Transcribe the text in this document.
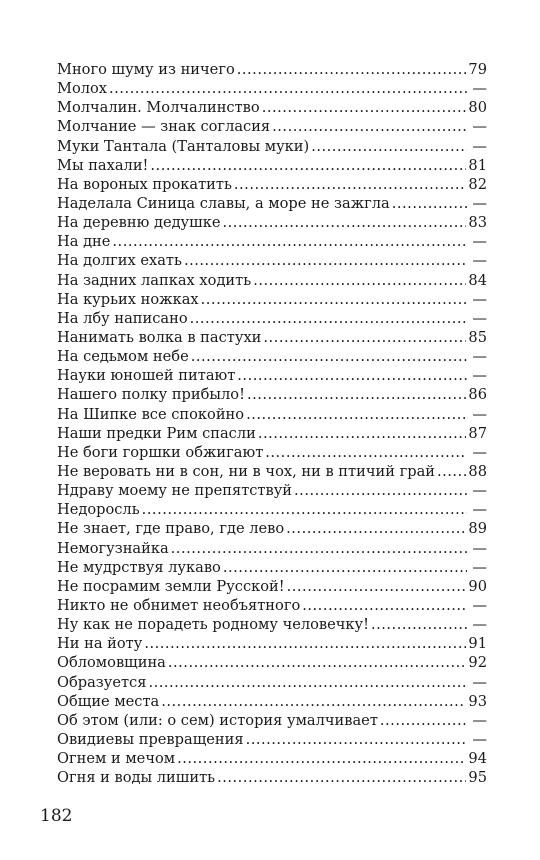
Много шуму из ничего .....	79
Молох .....	—
Молчалин. Молчалинство .....	80
Молчание — знак согласия .....	—
Муки Тантала (Танталовы муки) .....	—
Мы пахали! .....	81
На вороных прокатить .....	82
Наделала Синица славы, а море не зажгла .....	—
На деревню дедушке .....	83
На дне .....	—
На долгих ехать .....	—
На задних лапках ходить .....	84
На курьих ножках .....	—
На лбу написано .....	—
Нанимать волка в пастухи .....	85
На седьмом небе .....	—
Науки юношей питают .....	—
Нашего полку прибыло! .....	86
На Шипке все спокойно .....	—
Наши предки Рим спасли .....	87
Не боги горшки обжигают .....	—
Не веровать ни в сон, ни в чох, ни в птичий грай ..... 88
Ндраву моему не препятствуй .....	—
Недоросль .....	—
Не знает, где право, где лево .....	89
Немогузнайка .....	—
Не мудрствуя лукаво .....	—
Не посрамим земли Русской! .....	90
Никто не обнимет необъятного .....	—
Ну как не порадеть родному человечку! .....	—
Ни на йоту .....	91
Обломовщина .....	92
Образуется .....	—
Общие места .....	93
Об этом (или: о сем) история умалчивает .....	—
Овидиевы превращения .....	—
Огнем и мечом .....	94
Огня и воды лишить .....	95
182
